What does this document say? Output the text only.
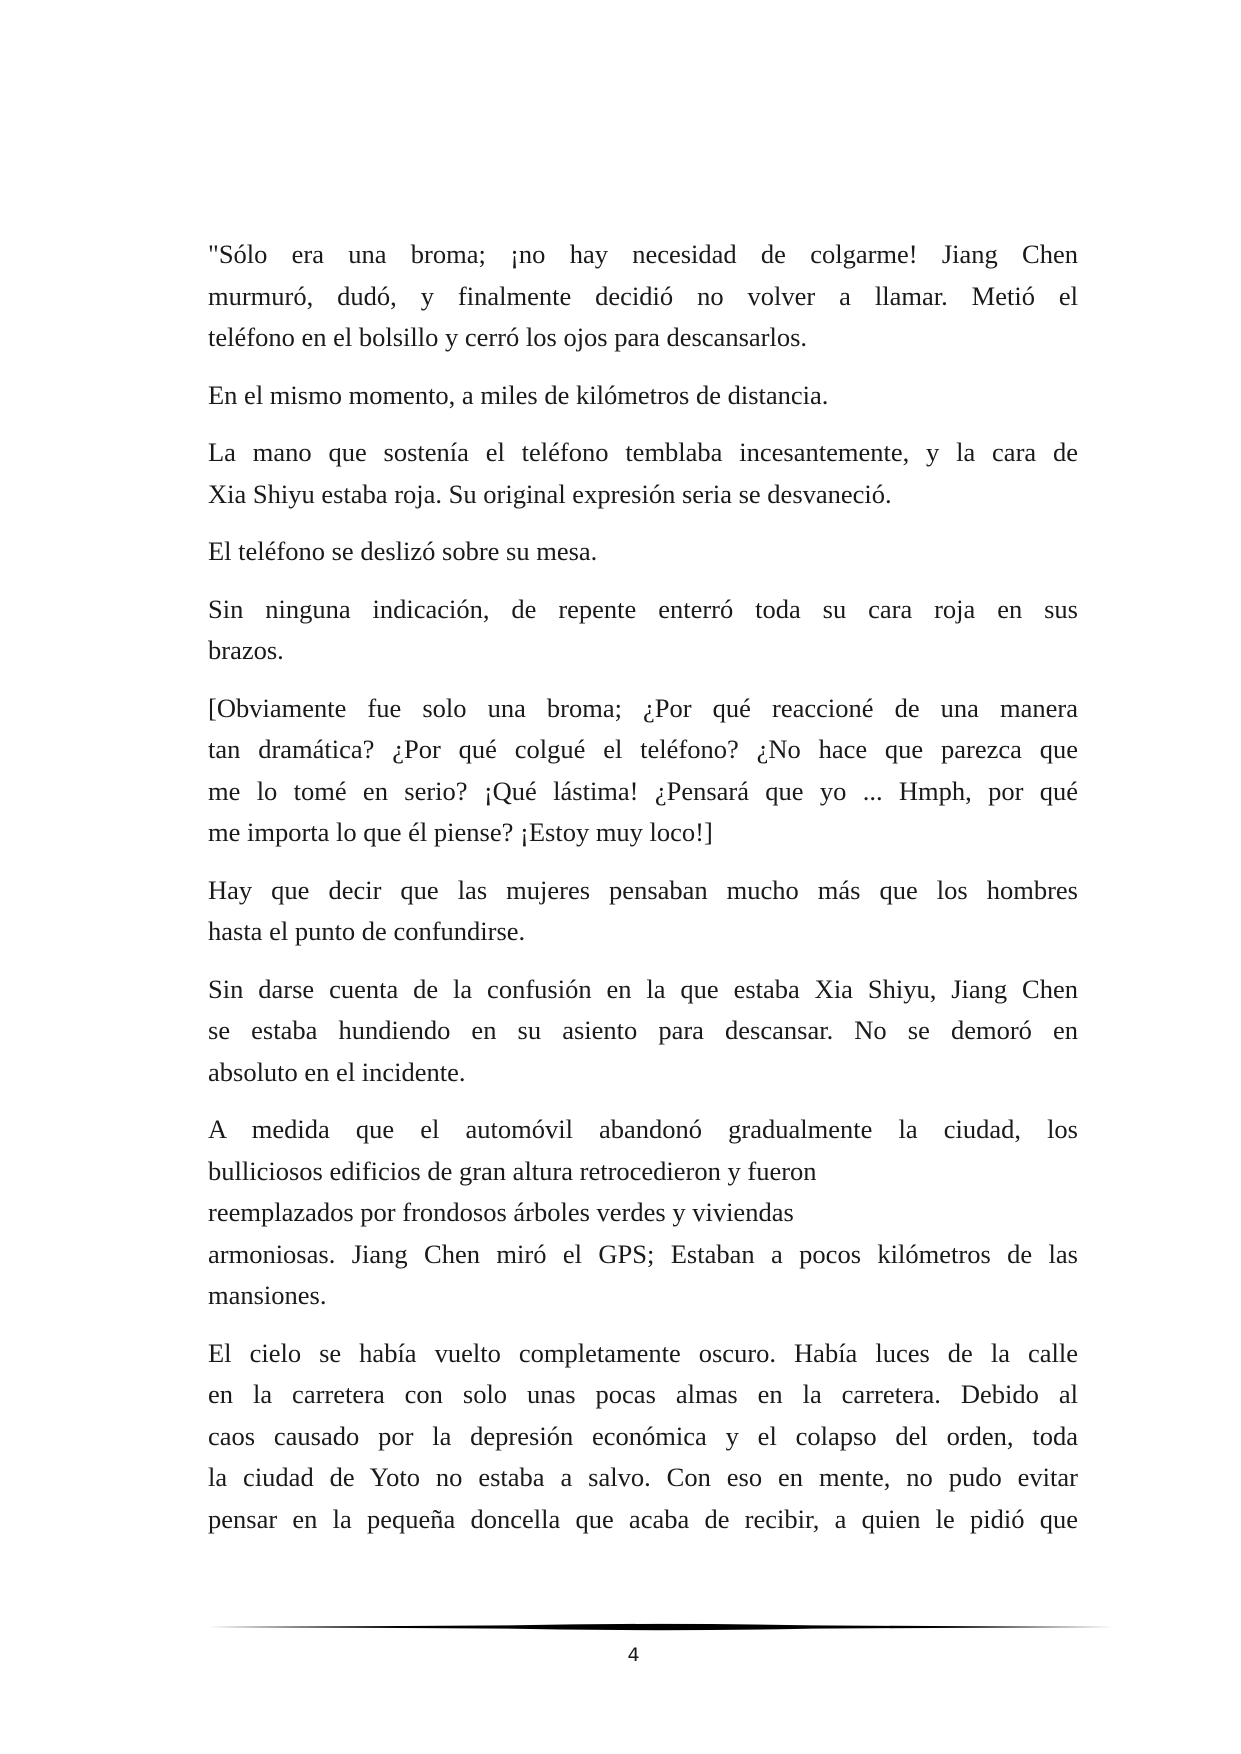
"Sólo era una broma; ¡no hay necesidad de colgarme! Jiang Chen
murmuró, dudó, y finalmente decidió no volver a llamar. Metió el
teléfono en el bolsillo y cerró los ojos para descansarlos.

En el mismo momento, a miles de kilómetros de distancia.

La mano que sostenía el teléfono temblaba incesantemente, y la cara de
Xia Shiyu estaba roja. Su original expresión seria se desvaneció.

El teléfono se deslizó sobre su mesa.

Sin ninguna indicación, de repente enterró toda su cara roja en sus
brazos.

[Obviamente fue solo una broma; ¿Por qué reaccioné de una manera
tan dramática? ¿Por qué colgué el teléfono? ¿No hace que parezca que
me lo tomé en serio? ¡Qué lástima! ¿Pensará que yo ... Hmph, por qué
me importa lo que él piense? ¡Estoy muy loco!]

Hay que decir que las mujeres pensaban mucho más que los hombres
hasta el punto de confundirse.

Sin darse cuenta de la confusión en la que estaba Xia Shiyu, Jiang Chen
se estaba hundiendo en su asiento para descansar. No se demoró en
absoluto en el incidente.

A medida que el automóvil abandonó gradualmente la ciudad, los
bulliciosos edificios de gran altura retrocedieron y fueron
reemplazados por frondosos árboles verdes y viviendas
armoniosas. Jiang Chen miró el GPS; Estaban a pocos kilómetros de las
mansiones.

El cielo se había vuelto completamente oscuro. Había luces de la calle
en la carretera con solo unas pocas almas en la carretera. Debido al
caos causado por la depresión económica y el colapso del orden, toda
la ciudad de Yoto no estaba a salvo. Con eso en mente, no pudo evitar
pensar en la pequeña doncella que acaba de recibir, a quien le pidió que

4
